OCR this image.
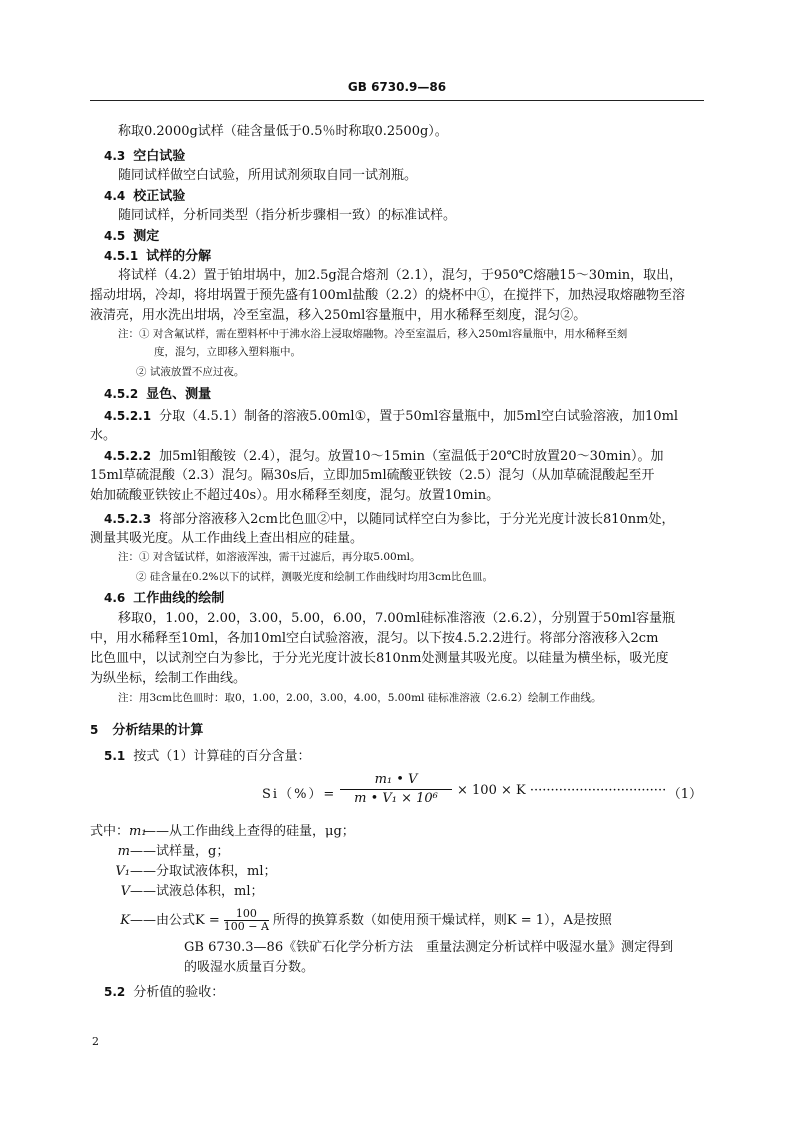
GB 6730.9—86
称取0.2000g试样（硅含量低于0.5％时称取0.2500g）。
4.3 空白试验
随同试样做空白试验，所用试剂须取自同一试剂瓶。
4.4 校正试验
随同试样，分析同类型（指分析步骤相一致）的标准试样。
4.5 测定
4.5.1 试样的分解
将试样（4.2）置于铂坩埚中，加2.5g混合熔剂（2.1），混匀，于950℃熔融15～30min，取出，
摇动坩埚，冷却，将坩埚置于预先盛有100ml盐酸（2.2）的烧杯中①，在搅拌下，加热浸取熔融物至溶
液清亮，用水洗出坩埚，冷至室温，移入250ml容量瓶中，用水稀释至刻度，混匀②。
注：① 对含氟试样，需在塑料杯中于沸水浴上浸取熔融物。冷至室温后，移入250ml容量瓶中，用水稀释至刻
度，混匀，立即移入塑料瓶中。
② 试液放置不应过夜。
4.5.2 显色、测量
4.5.2.1 分取（4.5.1）制备的溶液5.00ml①，置于50ml容量瓶中，加5ml空白试验溶液，加10ml
水。
4.5.2.2 加5ml钼酸铵（2.4），混匀。放置10～15min（室温低于20℃时放置20～30min）。加
15ml草硫混酸（2.3）混匀。隔30s后，立即加5ml硫酸亚铁铵（2.5）混匀（从加草硫混酸起至开
始加硫酸亚铁铵止不超过40s）。用水稀释至刻度，混匀。放置10min。
4.5.2.3 将部分溶液移入2cm比色皿②中，以随同试样空白为参比，于分光光度计波长810nm处，
测量其吸光度。从工作曲线上查出相应的硅量。
注：① 对含锰试样，如溶液浑浊，需干过滤后，再分取5.00ml。
② 硅含量在0.2%以下的试样，测吸光度和绘制工作曲线时均用3cm比色皿。
4.6 工作曲线的绘制
移取0，1.00，2.00，3.00，5.00，6.00，7.00ml硅标准溶液（2.6.2），分别置于50ml容量瓶
中，用水稀释至10ml，各加10ml空白试验溶液，混匀。以下按4.5.2.2进行。将部分溶液移入2cm
比色皿中，以试剂空白为参比，于分光光度计波长810nm处测量其吸光度。以硅量为横坐标，吸光度
为纵坐标，绘制工作曲线。
注：用3cm比色皿时：取0，1.00，2.00，3.00，4.00，5.00ml 硅标准溶液（2.6.2）绘制工作曲线。
5 分析结果的计算
5.1 按式（1）计算硅的百分含量：
Si（%）=
m₁ • V
m • V₁ × 10⁶
× 100 × K ································· （1）
式中：m₁——从工作曲线上查得的硅量，μg；
m——试样量，g；
V₁——分取试液体积，ml；
V——试液总体积，ml；
K——由公式$K = \frac{100}{100 - A}$ 所得的换算系数（如使用预干燥试样，则K = 1），A是按照
GB 6730.3—86《铁矿石化学分析方法　重量法测定分析试样中吸湿水量》测定得到
的吸湿水质量百分数。
5.2 分析值的验收：
2
